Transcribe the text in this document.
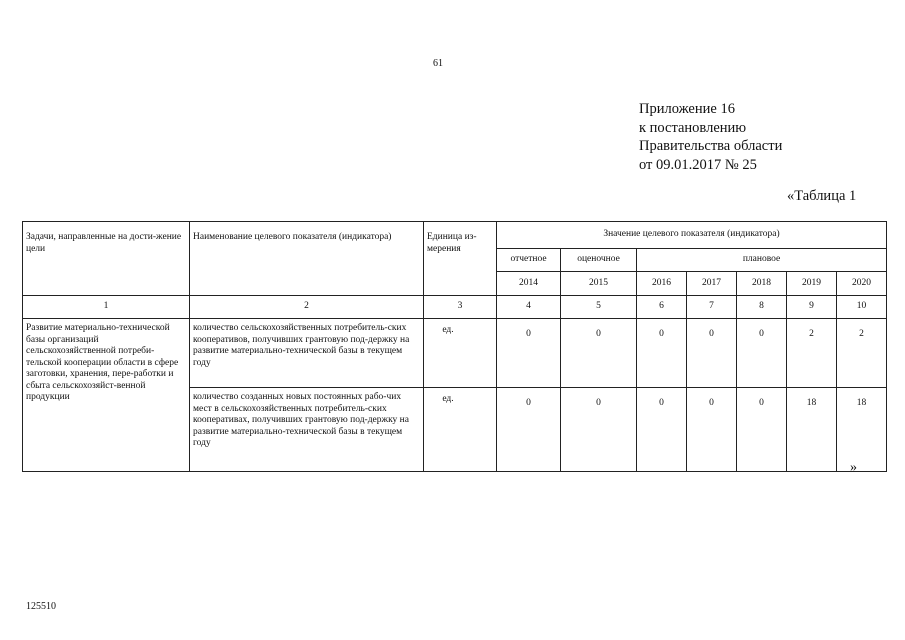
61
Приложение 16
к постановлению
Правительства области
от 09.01.2017 № 25
«Таблица 1
Задачи, направленные на дости-жение цели	Наименование целевого показателя (индикатора)	Единица из-мерения	Значение целевого показателя (индикатора)						
			отчетное	оценочное	плановое				
			2014	2015	2016	2017	2018	2019	2020
1	2	3	4	5	6	7	8	9	10
Развитие материально-технической базы организаций сельскохозяйственной потреби-тельской кооперации области в сфере заготовки, хранения, пере-работки и сбыта сельскохозяйст-венной продукции	количество сельскохозяйственных потребитель-ских кооперативов, получивших грантовую под-держку на развитие материально-технической базы в текущем году	ед.	0	0	0	0	0	2	2
	количество созданных новых постоянных рабо-чих мест в сельскохозяйственных потребитель-ских кооперативах, получивших грантовую под-держку на развитие материально-технической базы в текущем году	ед.	0	0	0	0	0	18	18
»
125510
